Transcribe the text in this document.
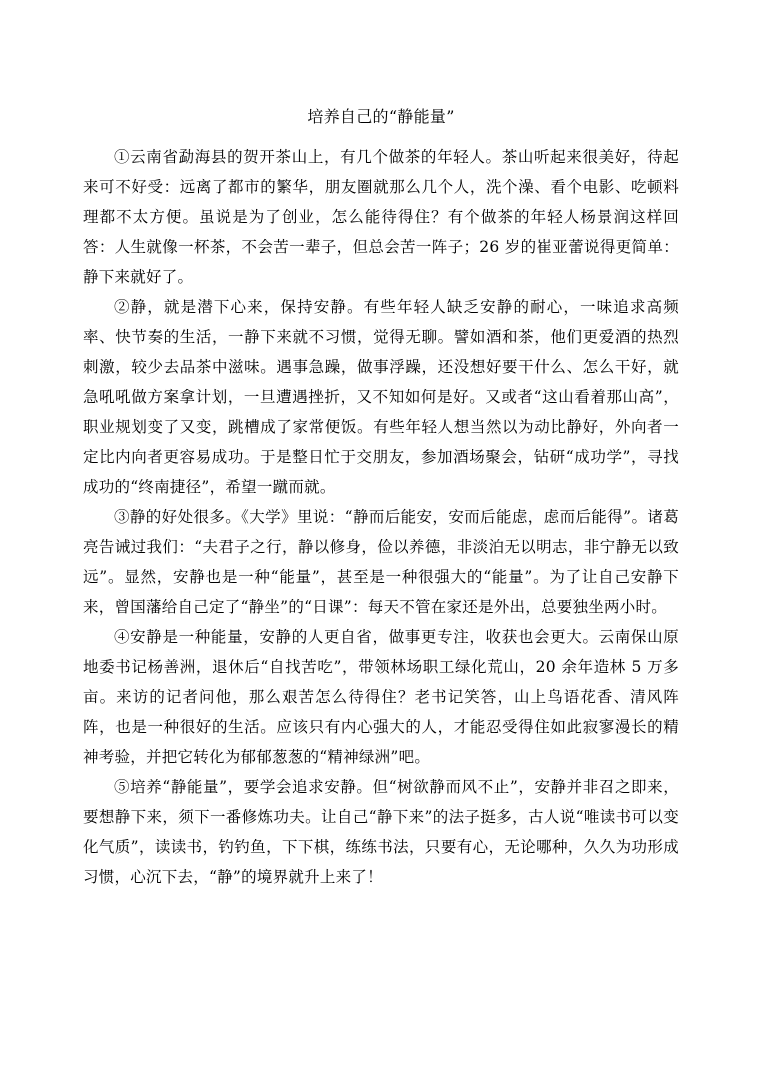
培养自己的“静能量”

①云南省勐海县的贺开茶山上，有几个做茶的年轻人。茶山听起来很美好，待起来可不好受：远离了都市的繁华，朋友圈就那么几个人，洗个澡、看个电影、吃顿料理都不太方便。虽说是为了创业，怎么能待得住？有个做茶的年轻人杨景润这样回答：人生就像一杯茶，不会苦一辈子，但总会苦一阵子；26 岁的崔亚蕾说得更简单：静下来就好了。

②静，就是潜下心来，保持安静。有些年轻人缺乏安静的耐心，一味追求高频率、快节奏的生活，一静下来就不习惯，觉得无聊。譬如酒和茶，他们更爱酒的热烈刺激，较少去品茶中滋味。遇事急躁，做事浮躁，还没想好要干什么、怎么干好，就急吼吼做方案拿计划，一旦遭遇挫折，又不知如何是好。又或者“这山看着那山高”，职业规划变了又变，跳槽成了家常便饭。有些年轻人想当然以为动比静好，外向者一定比内向者更容易成功。于是整日忙于交朋友，参加酒场聚会，钻研“成功学”，寻找成功的“终南捷径”，希望一蹴而就。

③静的好处很多。《大学》里说：“静而后能安，安而后能虑，虑而后能得”。诸葛亮告诫过我们：“夫君子之行，静以修身，俭以养德，非淡泊无以明志，非宁静无以致远”。显然，安静也是一种“能量”，甚至是一种很强大的“能量”。为了让自己安静下来，曾国藩给自己定了“静坐”的“日课”：每天不管在家还是外出，总要独坐两小时。

④安静是一种能量，安静的人更自省，做事更专注，收获也会更大。云南保山原地委书记杨善洲，退休后“自找苦吃”，带领林场职工绿化荒山，20 余年造林 5 万多亩。来访的记者问他，那么艰苦怎么待得住？老书记笑答，山上鸟语花香、清风阵阵，也是一种很好的生活。应该只有内心强大的人，才能忍受得住如此寂寥漫长的精神考验，并把它转化为郁郁葱葱的“精神绿洲”吧。

⑤培养“静能量”，要学会追求安静。但“树欲静而风不止”，安静并非召之即来，要想静下来，须下一番修炼功夫。让自己“静下来”的法子挺多，古人说“唯读书可以变化气质”，读读书，钓钓鱼，下下棋，练练书法，只要有心，无论哪种，久久为功形成习惯，心沉下去，“静”的境界就升上来了！
